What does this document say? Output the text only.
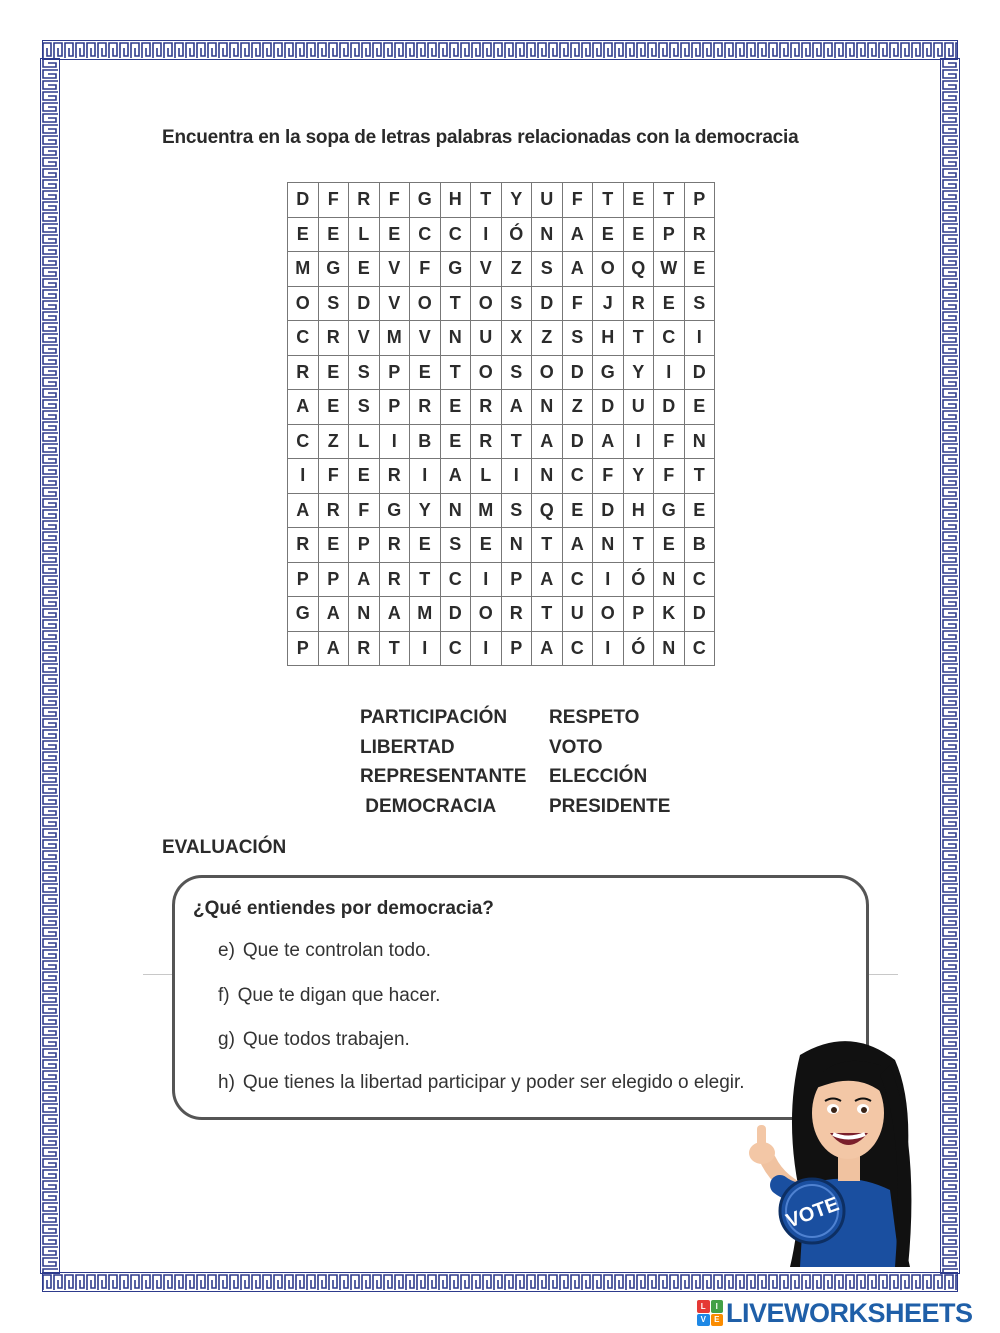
Encuentra en la sopa de letras palabras relacionadas con la democracia
D	F	R	F	G	H	T	Y	U	F	T	E	T	P
E	E	L	E	C	C	I	Ó	N	A	E	E	P	R
M	G	E	V	F	G	V	Z	S	A	O	Q	W	E
O	S	D	V	O	T	O	S	D	F	J	R	E	S
C	R	V	M	V	N	U	X	Z	S	H	T	C	I
R	E	S	P	E	T	O	S	O	D	G	Y	I	D
A	E	S	P	R	E	R	A	N	Z	D	U	D	E
C	Z	L	I	B	E	R	T	A	D	A	I	F	N
I	F	E	R	I	A	L	I	N	C	F	Y	F	T
A	R	F	G	Y	N	M	S	Q	E	D	H	G	E
R	E	P	R	E	S	E	N	T	A	N	T	E	B
P	P	A	R	T	C	I	P	A	C	I	Ó	N	C
G	A	N	A	M	D	O	R	T	U	O	P	K	D
P	A	R	T	I	C	I	P	A	C	I	Ó	N	C
PARTICIPACIÓN
LIBERTAD
REPRESENTANTE
DEMOCRACIA
RESPETO
VOTO
ELECCIÓN
PRESIDENTE
EVALUACIÓN
¿Qué entiendes por democracia?
e) Que te controlan todo.
f) Que te digan que hacer.
g) Que todos trabajen.
h) Que tienes la libertad participar y poder ser elegido o elegir.
VOTE
L	I
V	E LIVEWORKSHEETS
